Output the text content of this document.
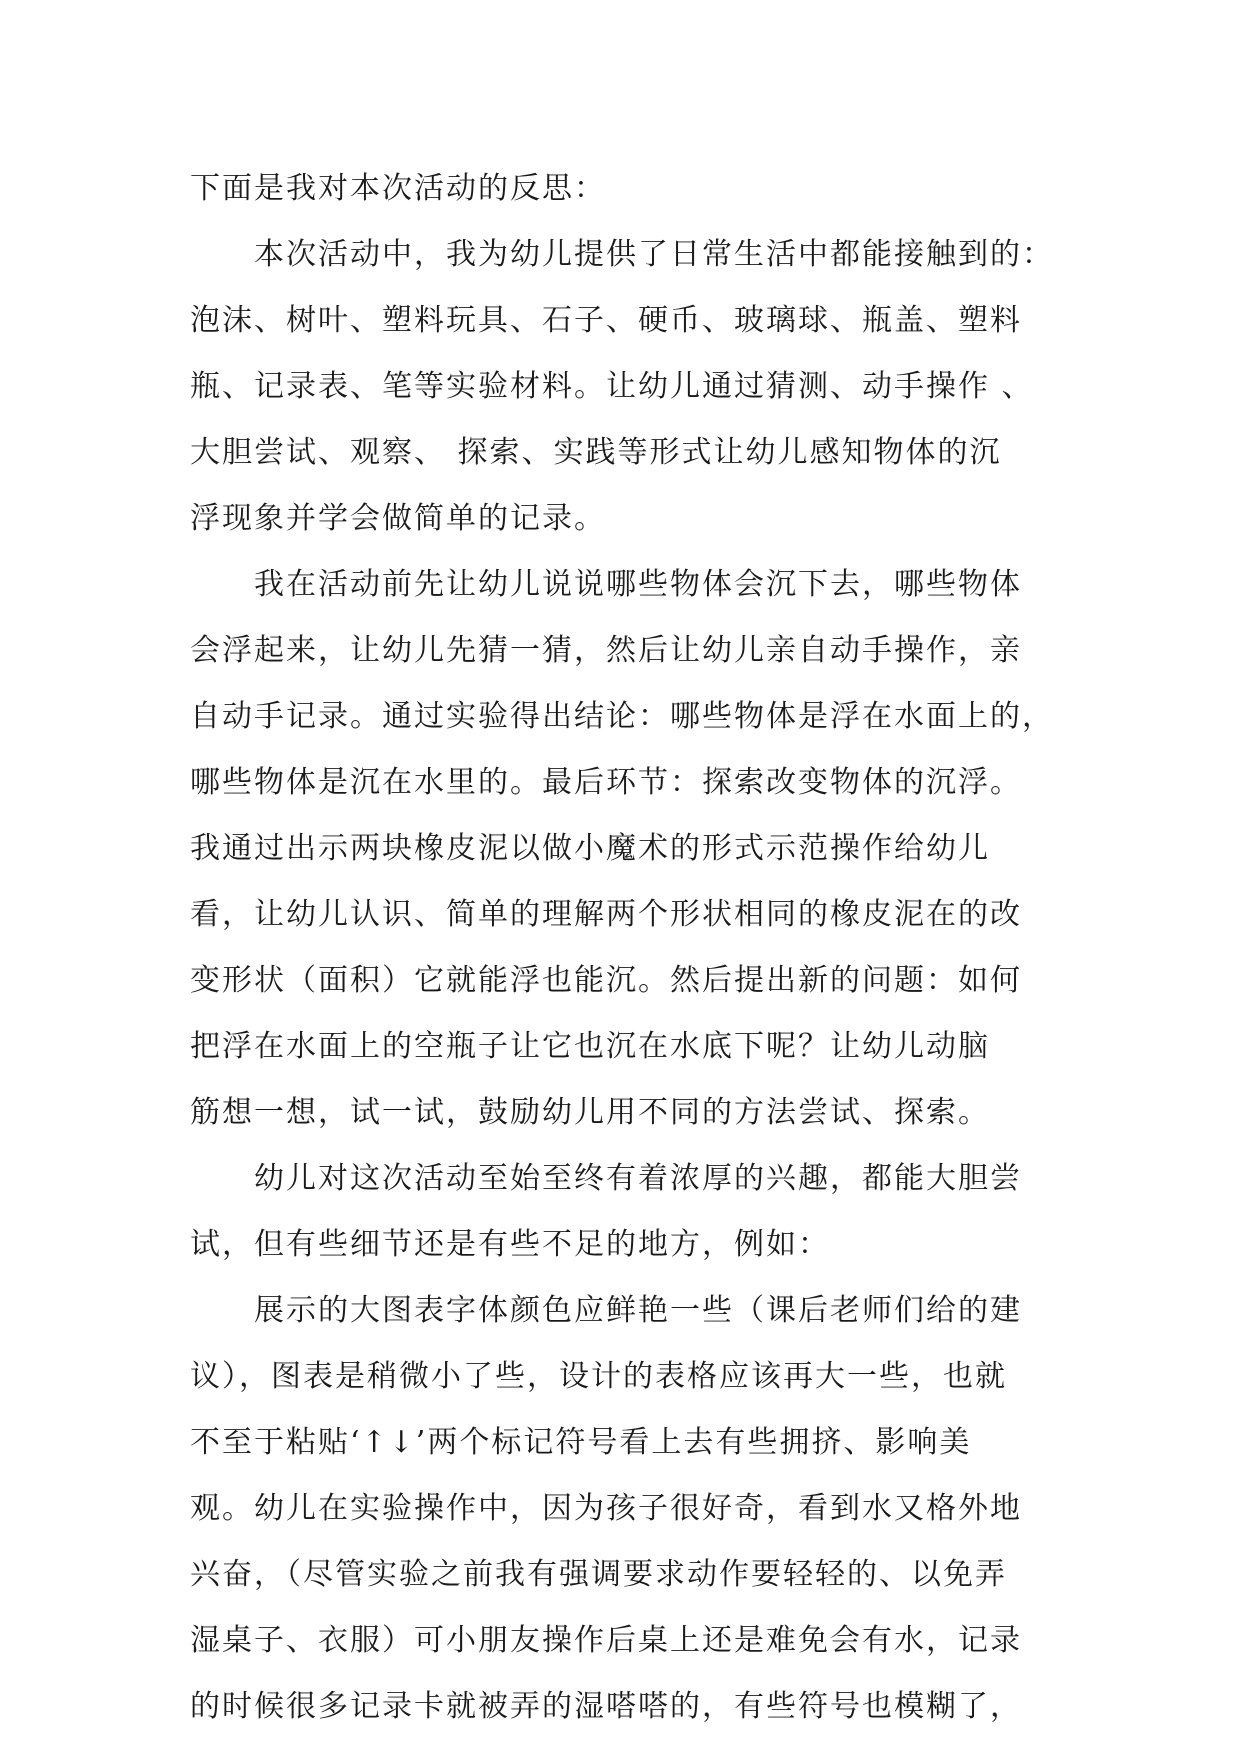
下面是我对本次活动的反思：
本次活动中，我为幼儿提供了日常生活中都能接触到的：
泡沫、树叶、塑料玩具、石子、硬币、玻璃球、瓶盖、塑料
瓶、记录表、笔等实验材料。让幼儿通过猜测、动手操作 、
大胆尝试、观察、 探索、实践等形式让幼儿感知物体的沉
浮现象并学会做简单的记录。
我在活动前先让幼儿说说哪些物体会沉下去，哪些物体
会浮起来，让幼儿先猜一猜，然后让幼儿亲自动手操作，亲
自动手记录。通过实验得出结论：哪些物体是浮在水面上的，
哪些物体是沉在水里的。最后环节：探索改变物体的沉浮。
我通过出示两块橡皮泥以做小魔术的形式示范操作给幼儿
看，让幼儿认识、简单的理解两个形状相同的橡皮泥在的改
变形状（面积）它就能浮也能沉。然后提出新的问题：如何
把浮在水面上的空瓶子让它也沉在水底下呢？让幼儿动脑
筋想一想，试一试，鼓励幼儿用不同的方法尝试、探索。
幼儿对这次活动至始至终有着浓厚的兴趣，都能大胆尝
试，但有些细节还是有些不足的地方，例如：
展示的大图表字体颜色应鲜艳一些（课后老师们给的建
议），图表是稍微小了些，设计的表格应该再大一些，也就
不至于粘贴‘↑↓’两个标记符号看上去有些拥挤、影响美
观。幼儿在实验操作中，因为孩子很好奇，看到水又格外地
兴奋，（尽管实验之前我有强调要求动作要轻轻的、以免弄
湿桌子、衣服）可小朋友操作后桌上还是难免会有水，记录
的时候很多记录卡就被弄的湿嗒嗒的，有些符号也模糊了，
